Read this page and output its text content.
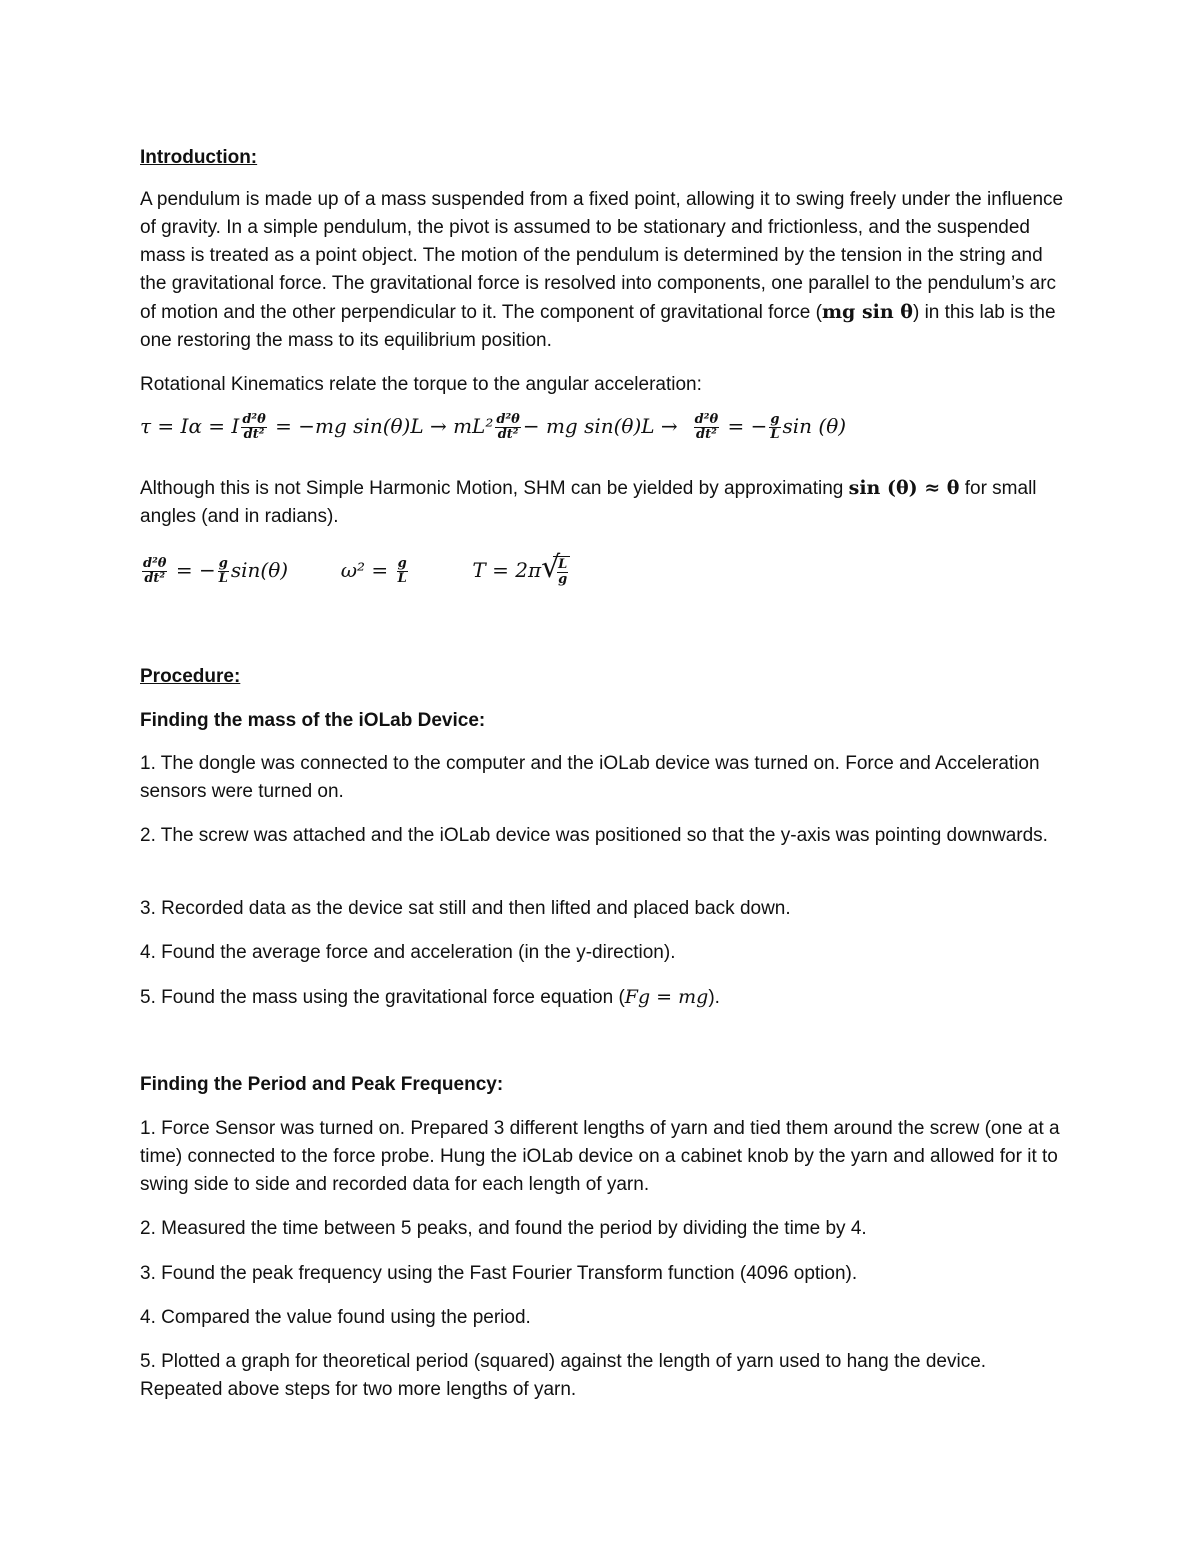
Introduction:

A pendulum is made up of a mass suspended from a fixed point, allowing it to swing freely under the influence of gravity. In a simple pendulum, the pivot is assumed to be stationary and frictionless, and the suspended mass is treated as a point object. The motion of the pendulum is determined by the tension in the string and the gravitational force. The gravitational force is resolved into components, one parallel to the pendulum’s arc of motion and the other perpendicular to it. The component of gravitational force (mg sin θ) in this lab is the one restoring the mass to its equilibrium position.

Rotational Kinematics relate the torque to the angular acceleration:

τ = Iα = I $\frac{\text{d²θ}}{\text{dt²}} = -mg$ $\sin(\theta)L \to mL^2 \frac{\text{d²θ}}{\text{dt²}}$ − mg $\sin(\theta)L \to \frac{\text{d²θ}}{\text{dt²}}$ = − $\frac{g}{L}$ sin (θ)

Although this is not Simple Harmonic Motion, SHM can be yielded by approximating sin (θ) ≈ θ for small angles (and in radians).

$\frac{\text{d²θ}}{\text{dt²}}$ = − $\frac{g}{L} \sin(\theta)$	$\omega^2 = \frac{g}{L}$	T = 2π √
$\frac{L}{g}$
Procedure:
Finding the mass of the iOLab Device:

1. The dongle was connected to the computer and the iOLab device was turned on. Force and Acceleration sensors were turned on.

2. The screw was attached and the iOLab device was positioned so that the y-axis was pointing downwards.

3. Recorded data as the device sat still and then lifted and placed back down.

4. Found the average force and acceleration (in the y-direction).

5. Found the mass using the gravitational force equation (Fg = mg).

Finding the Period and Peak Frequency:

1. Force Sensor was turned on. Prepared 3 different lengths of yarn and tied them around the screw (one at a time) connected to the force probe. Hung the iOLab device on a cabinet knob by the yarn and allowed for it to swing side to side and recorded data for each length of yarn.

2. Measured the time between 5 peaks, and found the period by dividing the time by 4.

3. Found the peak frequency using the Fast Fourier Transform function (4096 option).

4. Compared the value found using the period.

5. Plotted a graph for theoretical period (squared) against the length of yarn used to hang the device. Repeated above steps for two more lengths of yarn.
